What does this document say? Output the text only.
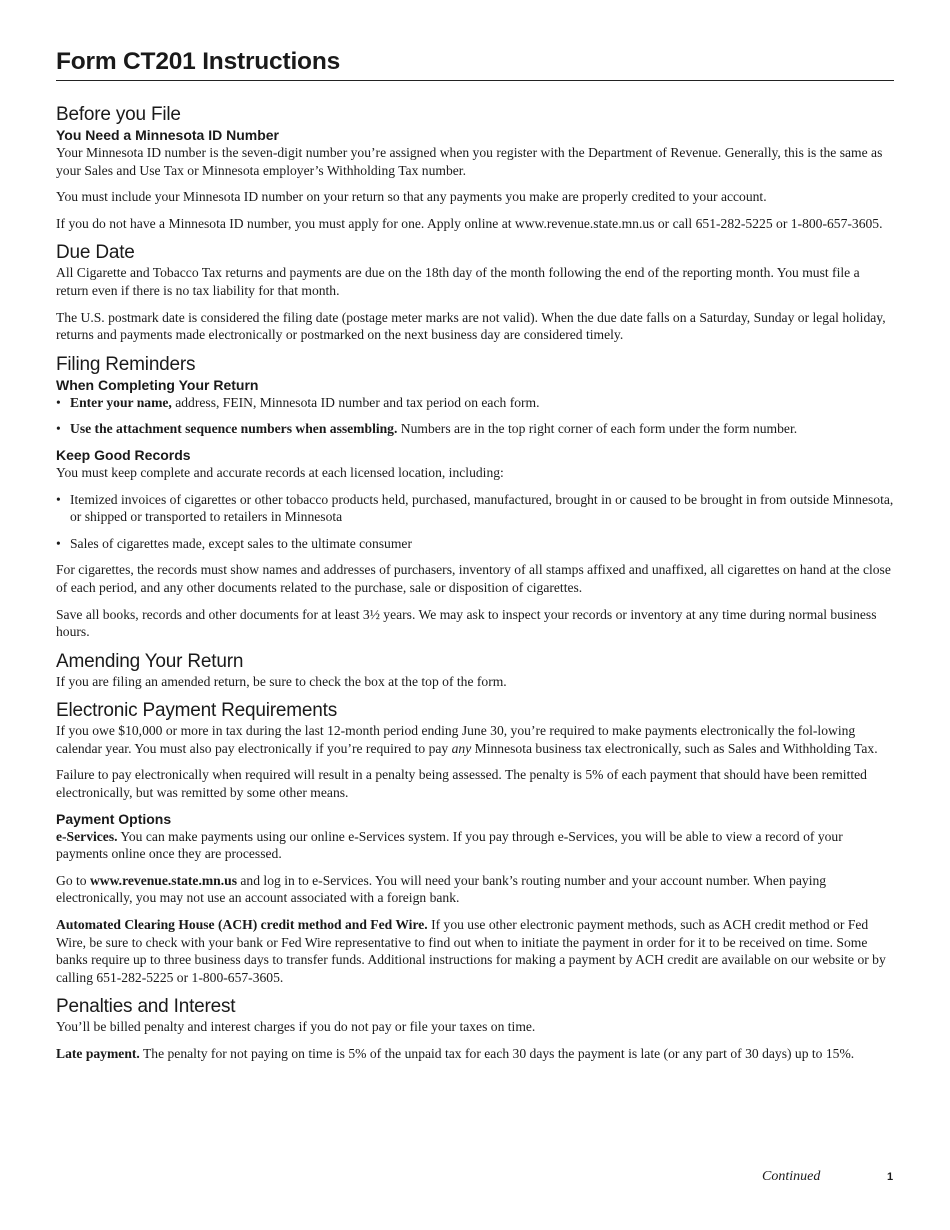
Form CT201 Instructions
Before you File
You Need a Minnesota ID Number

Your Minnesota ID number is the seven-digit number you’re assigned when you register with the Department of Revenue. Generally, this is the same as your Sales and Use Tax or Minnesota employer’s Withholding Tax number.

You must include your Minnesota ID number on your return so that any payments you make are properly credited to your account.

If you do not have a Minnesota ID number, you must apply for one. Apply online at www.revenue.state.mn.us or call 651-282-5225 or 1-800-657-3605.

Due Date

All Cigarette and Tobacco Tax returns and payments are due on the 18th day of the month following the end of the reporting month. You must file a return even if there is no tax liability for that month.

The U.S. postmark date is considered the filing date (postage meter marks are not valid). When the due date falls on a Saturday, Sunday or legal holiday, returns and payments made electronically or postmarked on the next business day are considered timely.

Filing Reminders
When Completing Your Return
• Enter your name, address, FEIN, Minnesota ID number and tax period on each form.
• Use the attachment sequence numbers when assembling. Numbers are in the top right corner of each form under the form number.
Keep Good Records

You must keep complete and accurate records at each licensed location, including:

• Itemized invoices of cigarettes or other tobacco products held, purchased, manufactured, brought in or caused to be brought in from outside Minnesota, or shipped or transported to retailers in Minnesota
• Sales of cigarettes made, except sales to the ultimate consumer

For cigarettes, the records must show names and addresses of purchasers, inventory of all stamps affixed and unaffixed, all cigarettes on hand at the close of each period, and any other documents related to the purchase, sale or disposition of cigarettes.

Save all books, records and other documents for at least 3½ years. We may ask to inspect your records or inventory at any time during normal business hours.

Amending Your Return

If you are filing an amended return, be sure to check the box at the top of the form.

Electronic Payment Requirements

If you owe $10,000 or more in tax during the last 12-month period ending June 30, you’re required to make payments electronically the fol-lowing calendar year. You must also pay electronically if you’re required to pay any Minnesota business tax electronically, such as Sales and Withholding Tax.

Failure to pay electronically when required will result in a penalty being assessed. The penalty is 5% of each payment that should have been remitted electronically, but was remitted by some other means.

Payment Options

e-Services. You can make payments using our online e-Services system. If you pay through e-Services, you will be able to view a record of your payments online once they are processed.

Go to www.revenue.state.mn.us and log in to e-Services. You will need your bank’s routing number and your account number. When paying electronically, you may not use an account associated with a foreign bank.

Automated Clearing House (ACH) credit method and Fed Wire. If you use other electronic payment methods, such as ACH credit method or Fed Wire, be sure to check with your bank or Fed Wire representative to find out when to initiate the payment in order for it to be received on time. Some banks require up to three business days to transfer funds. Additional instructions for making a payment by ACH credit are available on our website or by calling 651-282-5225 or 1-800-657-3605.

Penalties and Interest

You’ll be billed penalty and interest charges if you do not pay or file your taxes on time.

Late payment. The penalty for not paying on time is 5% of the unpaid tax for each 30 days the payment is late (or any part of 30 days) up to 15%.

Continued	1
